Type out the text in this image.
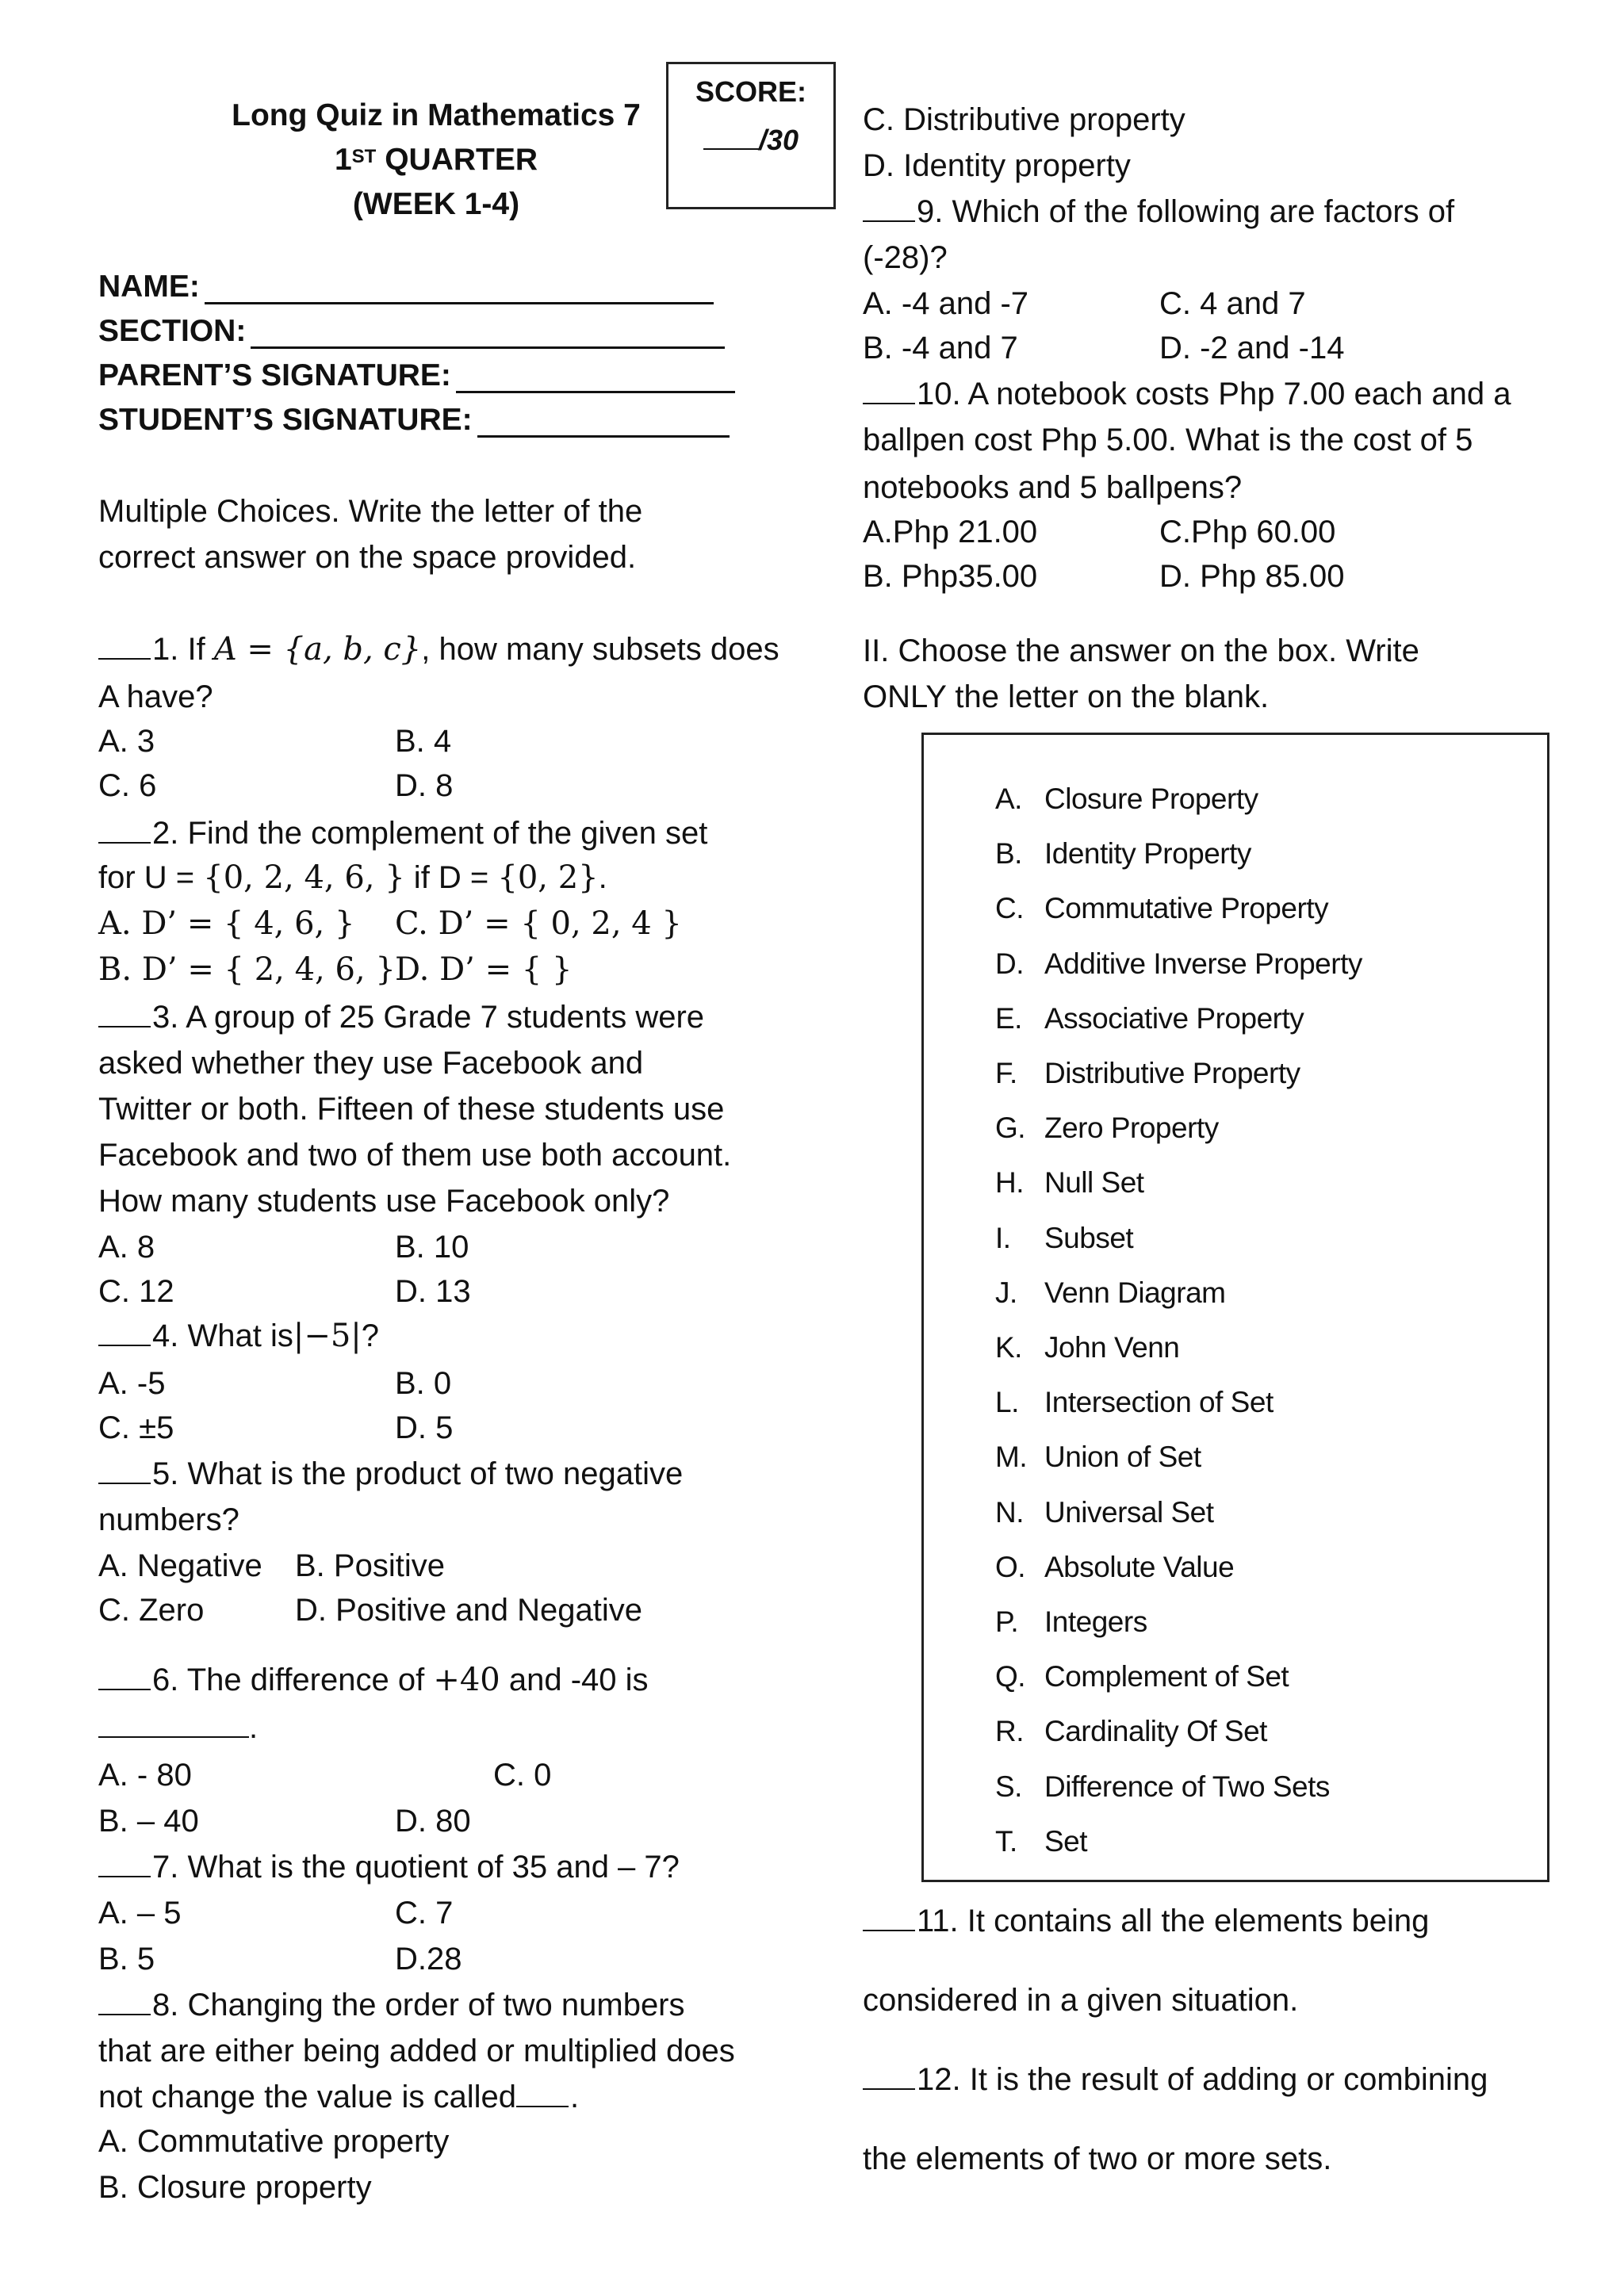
Long Quiz in Mathematics 7
1ST QUARTER
(WEEK 1-4)
SCORE:
/30
NAME:
SECTION:
PARENT’S SIGNATURE:
STUDENT’S SIGNATURE:
Multiple Choices. Write the letter of the
correct answer on the space provided.
1. If A = {a, b, c}, how many subsets does
A have?
A. 3	B. 4
C. 6	D. 8
2. Find the complement of the given set
for U = {0, 2, 4, 6, } if D = {0, 2}.
A. D’ = { 4, 6, } C. D’ = { 0, 2, 4 }
B. D’ = { 2, 4, 6, } D. D’ = { }
3. A group of 25 Grade 7 students were
asked whether they use Facebook and
Twitter or both. Fifteen of these students use
Facebook and two of them use both account.
How many students use Facebook only?
A. 8	B. 10
C. 12	D. 13
4. What is|−5|?
A. -5	B. 0
C. ±5	D. 5
5. What is the product of two negative
numbers?
A. Negative B. Positive
C. Zero	D. Positive and Negative
6. The difference of +40 and -40 is
.
A. - 80	C. 0
B. – 40	D. 80
7. What is the quotient of 35 and – 7?
A. – 5	C. 7
B. 5	D.28
8. Changing the order of two numbers
that are either being added or multiplied does
not change the value is called .
A. Commutative property
B. Closure property
C. Distributive property
D. Identity property
9. Which of the following are factors of
(-28)?
A. -4 and -7	C. 4 and 7
B. -4 and 7	D. -2 and -14
10. A notebook costs Php 7.00 each and a
ballpen cost Php 5.00. What is the cost of 5
notebooks and 5 ballpens?
A.Php 21.00	C.Php 60.00
B. Php35.00	D. Php 85.00
II. Choose the answer on the box. Write
ONLY the letter on the blank.
A. Closure Property
B. Identity Property
C. Commutative Property
D. Additive Inverse Property
E. Associative Property
F. Distributive Property
G. Zero Property
H. Null Set
I. Subset
J. Venn Diagram
K. John Venn
L. Intersection of Set
M. Union of Set
N. Universal Set
O. Absolute Value
P. Integers
Q. Complement of Set
R. Cardinality Of Set
S. Difference of Two Sets
T. Set
11. It contains all the elements being
considered in a given situation.
12. It is the result of adding or combining
the elements of two or more sets.
